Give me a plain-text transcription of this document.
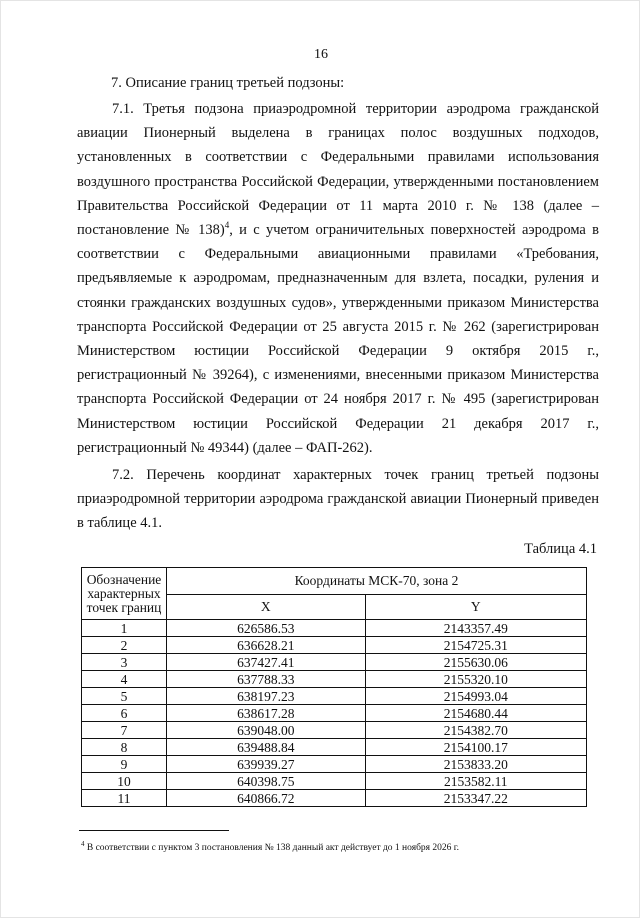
16
7. Описание границ третьей подзоны:

7.1. Третья подзона приаэродромной территории аэродрома гражданской авиации Пионерный выделена в границах полос воздушных подходов, установленных в соответствии с Федеральными правилами использования воздушного пространства Российской Федерации, утвержденными постановлением Правительства Российской Федерации от 11 марта 2010 г. № 138 (далее – постановление № 138)$^4$, и с учетом ограничительных поверхностей аэродрома в соответствии с Федеральными авиационными правилами «Требования, предъявляемые к аэродромам, предназначенным для взлета, посадки, руления и стоянки гражданских воздушных судов», утвержденными приказом Министерства транспорта Российской Федерации от 25 августа 2015 г. № 262 (зарегистрирован Министерством юстиции Российской Федерации 9 октября 2015 г., регистрационный № 39264), с изменениями, внесенными приказом Министерства транспорта Российской Федерации от 24 ноября 2017 г. № 495 (зарегистрирован Министерством юстиции Российской Федерации 21 декабря 2017 г., регистрационный № 49344) (далее – ФАП-262).

7.2. Перечень координат характерных точек границ третьей подзоны приаэродромной территории аэродрома гражданской авиации Пионерный приведен в таблице 4.1.

Таблица 4.1
Обозначение характерных точек границ	Координаты МСК-70, зона 2	
	X	Y
1	626586.53	2143357.49
2	636628.21	2154725.31
3	637427.41	2155630.06
4	637788.33	2155320.10
5	638197.23	2154993.04
6	638617.28	2154680.44
7	639048.00	2154382.70
8	639488.84	2154100.17
9	639939.27	2153833.20
10	640398.75	2153582.11
11	640866.72	2153347.22
$^4$ В соответствии с пунктом 3 постановления № 138 данный акт действует до 1 ноября 2026 г.
